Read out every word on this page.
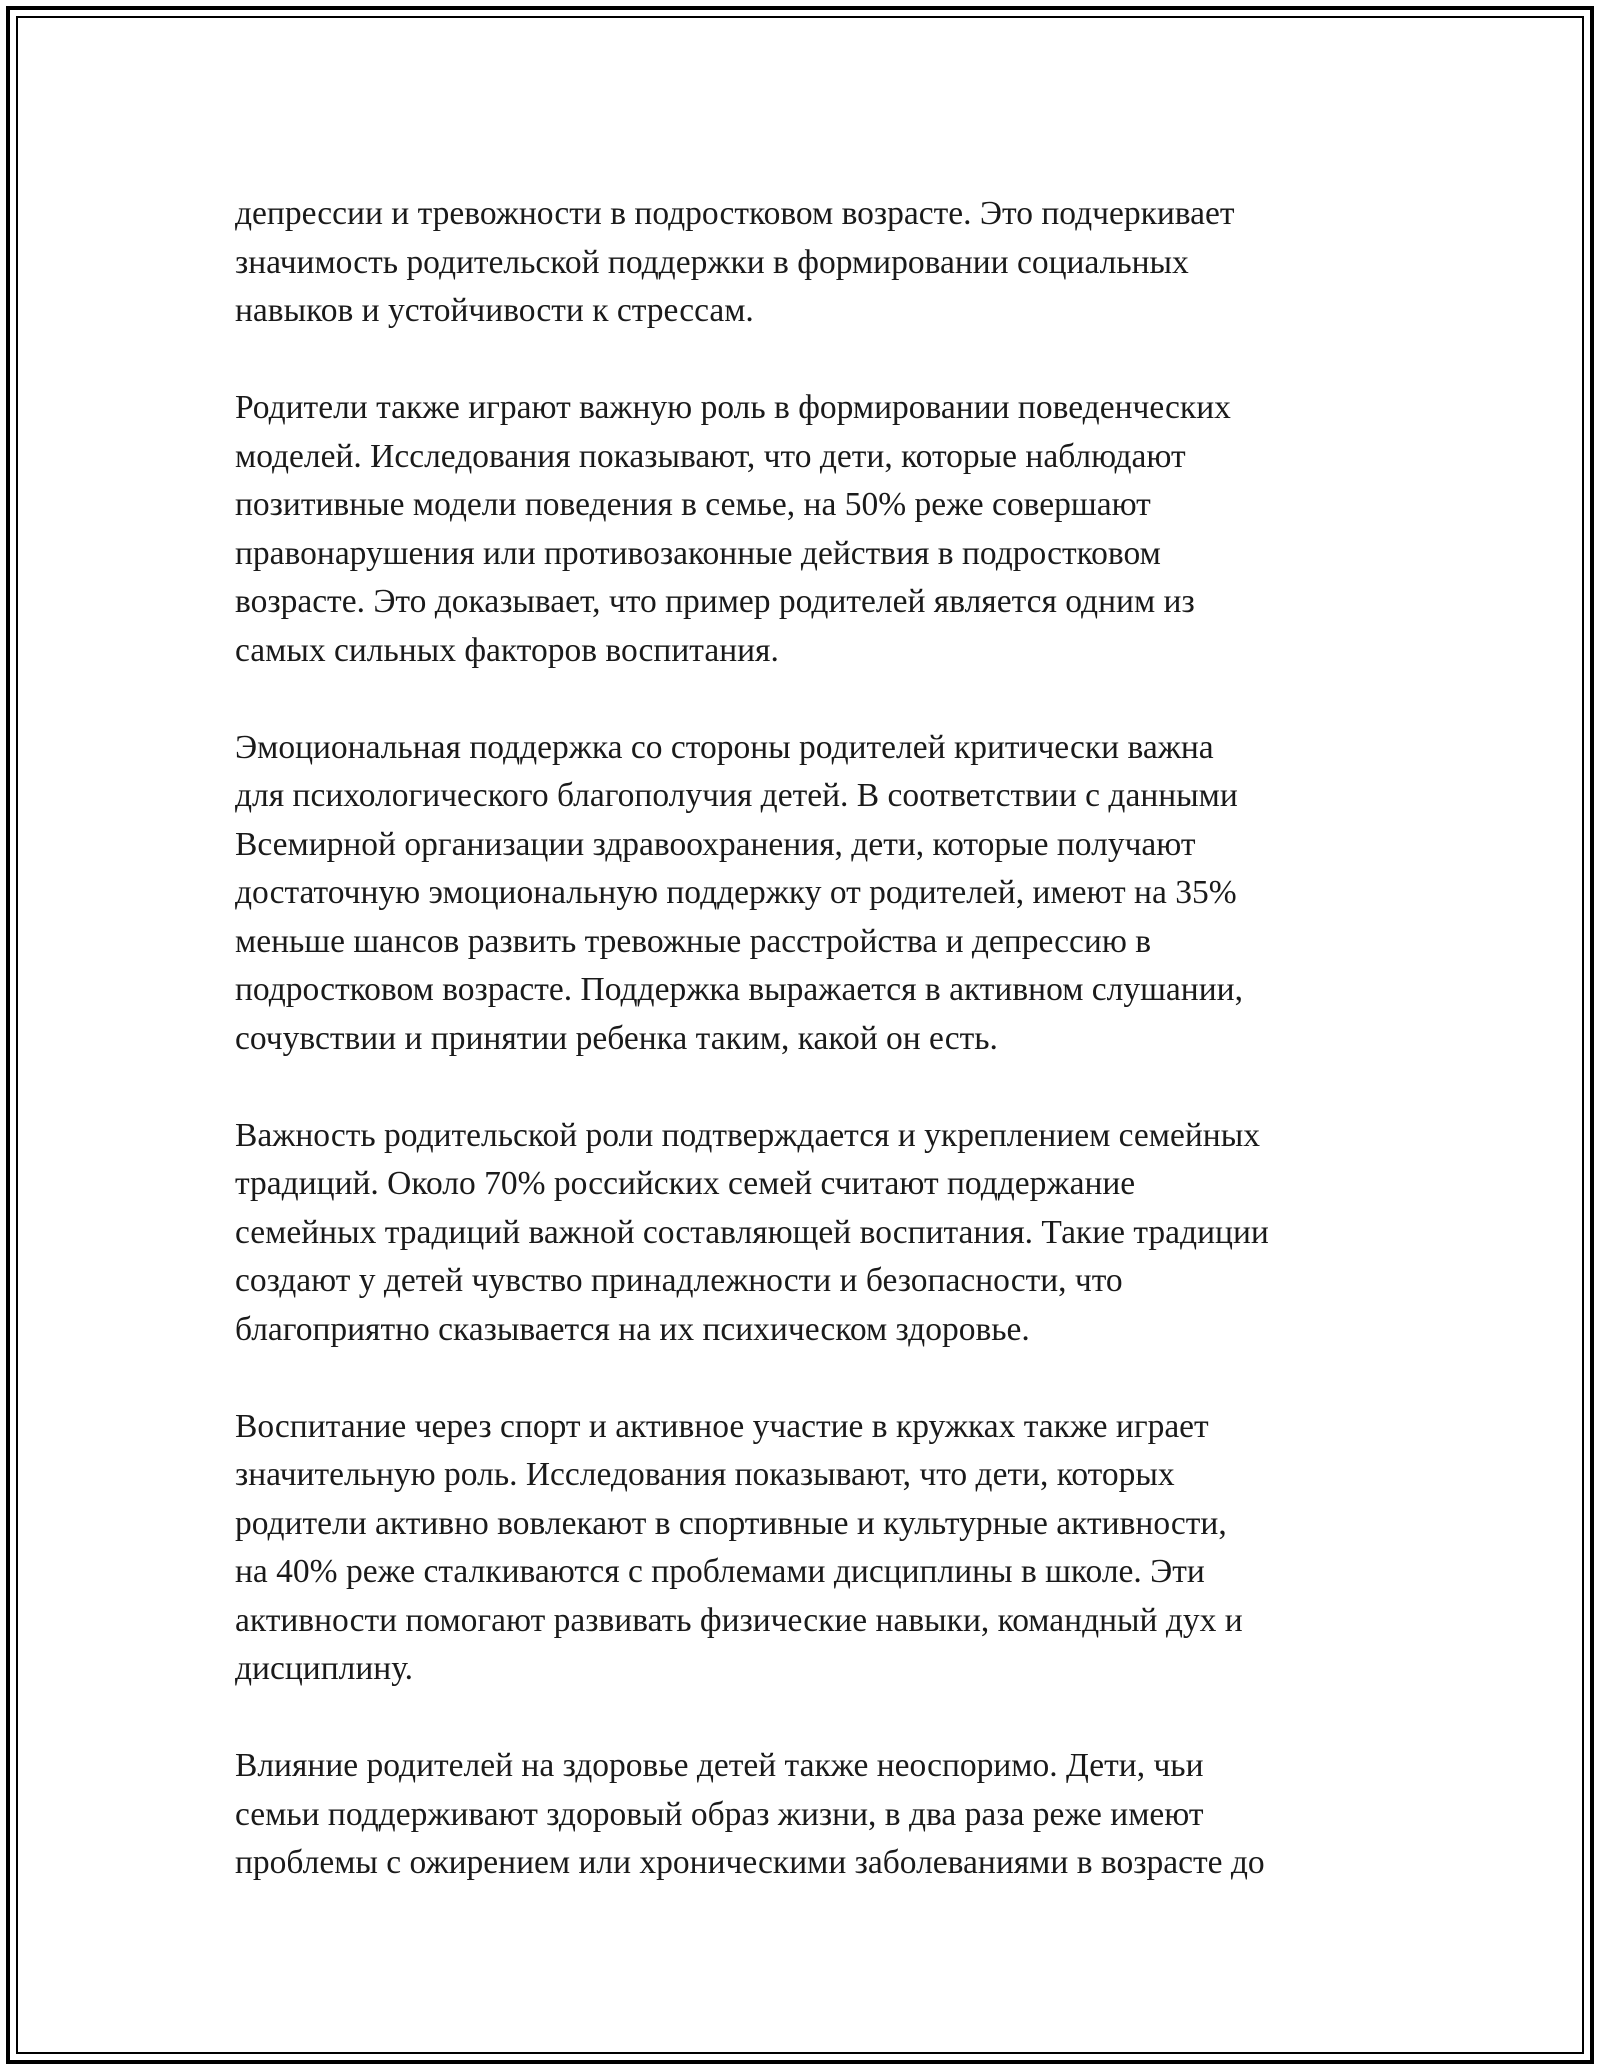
депрессии и тревожности в подростковом возрасте. Это подчеркивает
значимость родительской поддержки в формировании социальных
навыков и устойчивости к стрессам.

Родители также играют важную роль в формировании поведенческих
моделей. Исследования показывают, что дети, которые наблюдают
позитивные модели поведения в семье, на 50% реже совершают
правонарушения или противозаконные действия в подростковом
возрасте. Это доказывает, что пример родителей является одним из
самых сильных факторов воспитания.

Эмоциональная поддержка со стороны родителей критически важна
для психологического благополучия детей. В соответствии с данными
Всемирной организации здравоохранения, дети, которые получают
достаточную эмоциональную поддержку от родителей, имеют на 35%
меньше шансов развить тревожные расстройства и депрессию в
подростковом возрасте. Поддержка выражается в активном слушании,
сочувствии и принятии ребенка таким, какой он есть.

Важность родительской роли подтверждается и укреплением семейных
традиций. Около 70% российских семей считают поддержание
семейных традиций важной составляющей воспитания. Такие традиции
создают у детей чувство принадлежности и безопасности, что
благоприятно сказывается на их психическом здоровье.

Воспитание через спорт и активное участие в кружках также играет
значительную роль. Исследования показывают, что дети, которых
родители активно вовлекают в спортивные и культурные активности,
на 40% реже сталкиваются с проблемами дисциплины в школе. Эти
активности помогают развивать физические навыки, командный дух и
дисциплину.

Влияние родителей на здоровье детей также неоспоримо. Дети, чьи
семьи поддерживают здоровый образ жизни, в два раза реже имеют
проблемы с ожирением или хроническими заболеваниями в возрасте до
